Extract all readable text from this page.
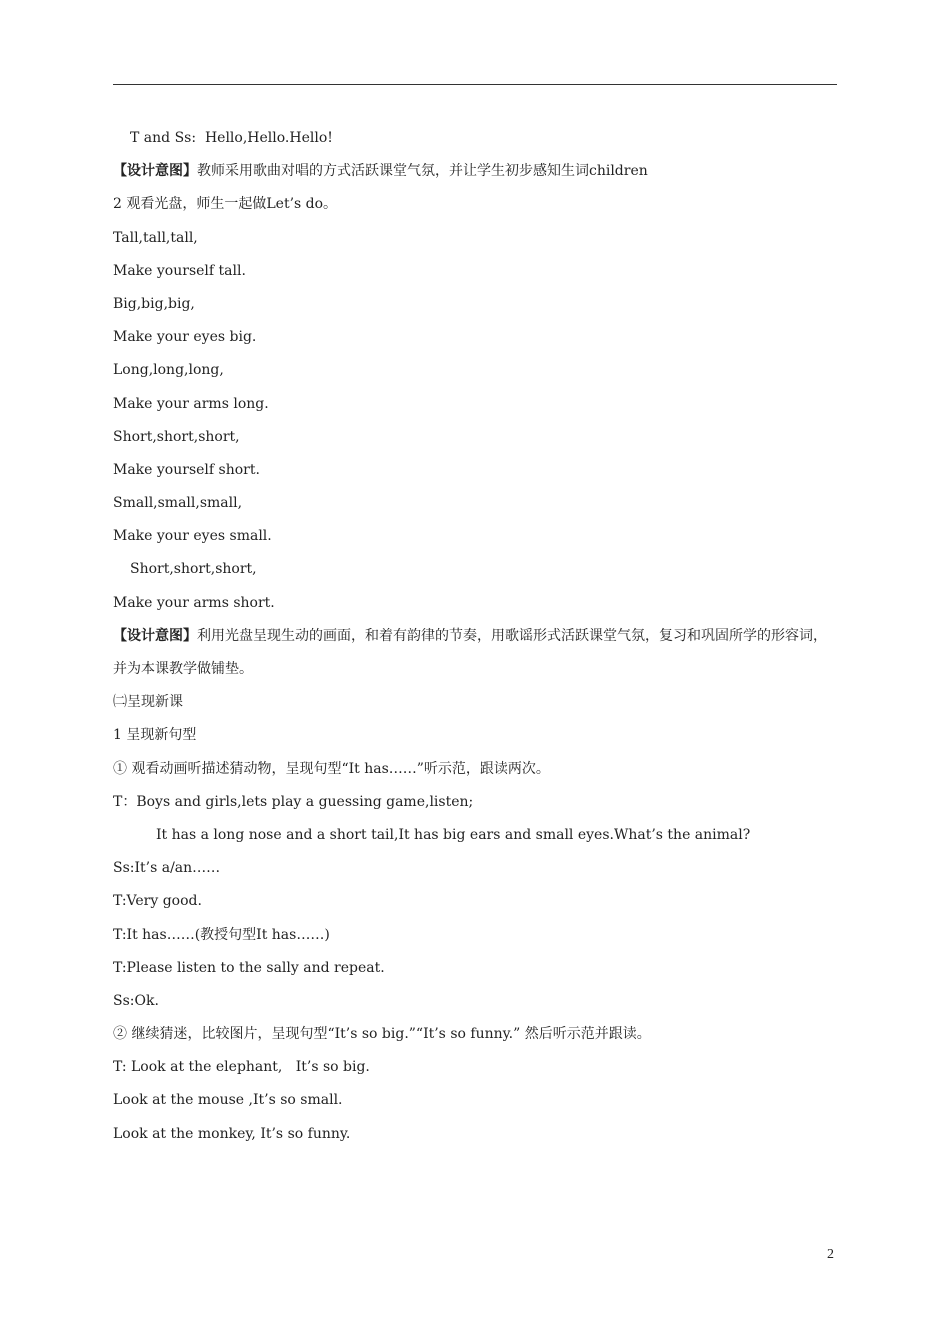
T and Ss:  Hello,Hello.Hello!
【设计意图】教师采用歌曲对唱的方式活跃课堂气氛，并让学生初步感知生词children
2 观看光盘，师生一起做Let’s do。
Tall,tall,tall,
Make yourself tall.
Big,big,big,
Make your eyes big.
Long,long,long,
Make your arms long.
Short,short,short,
Make yourself short.
Small,small,small,
Make your eyes small.
Short,short,short,
Make your arms short.
【设计意图】利用光盘呈现生动的画面，和着有韵律的节奏，用歌谣形式活跃课堂气氛，复习和巩固所学的形容词，并为本课教学做铺垫。
㈡呈现新课
1 呈现新句型
① 观看动画听描述猜动物，呈现句型“It has……”听示范，跟读两次。
T：Boys and girls,lets play a guessing game,listen;
It has a long nose and a short tail,It has big ears and small eyes.What’s the animal?
Ss:It’s a/an……
T:Very good.
T:It has……(教授句型It has……)
T:Please listen to the sally and repeat.
Ss:Ok.
② 继续猜迷，比较图片，呈现句型“It’s so big.”“It’s so funny.” 然后听示范并跟读。
T: Look at the elephant,   It’s so big.
Look at the mouse ,It’s so small.
Look at the monkey, It’s so funny.
2
